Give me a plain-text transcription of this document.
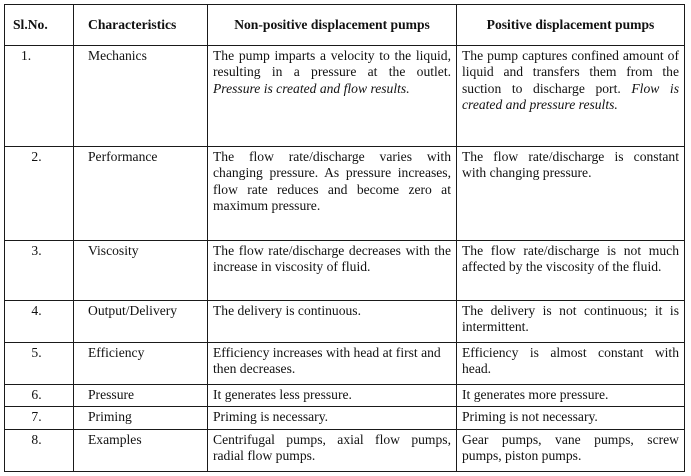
Sl.No.	Characteristics	Non-positive displacement pumps	Positive displacement pumps
1.	Mechanics	The pump imparts a velocity to the liquid, resulting in a pressure at the outlet. Pressure is created and flow results.	The pump captures confined amount of liquid and transfers them from the suction to discharge port. Flow is created and pressure results.
2.	Performance	The flow rate/discharge varies with changing pressure. As pressure increases, flow rate reduces and become zero at maximum pressure.	The flow rate/discharge is constant with changing pressure.
3.	Viscosity	The flow rate/discharge decreases with the increase in viscosity of fluid.	The flow rate/discharge is not much affected by the viscosity of the fluid.
4.	Output/Delivery	The delivery is continuous.	The delivery is not continuous; it is intermittent.
5.	Efficiency	Efficiency increases with head at first and then decreases.	Efficiency is almost constant with head.
6.	Pressure	It generates less pressure.	It generates more pressure.
7.	Priming	Priming is necessary.	Priming is not necessary.
8.	Examples	Centrifugal pumps, axial flow pumps, radial flow pumps.	Gear pumps, vane pumps, screw pumps, piston pumps.
